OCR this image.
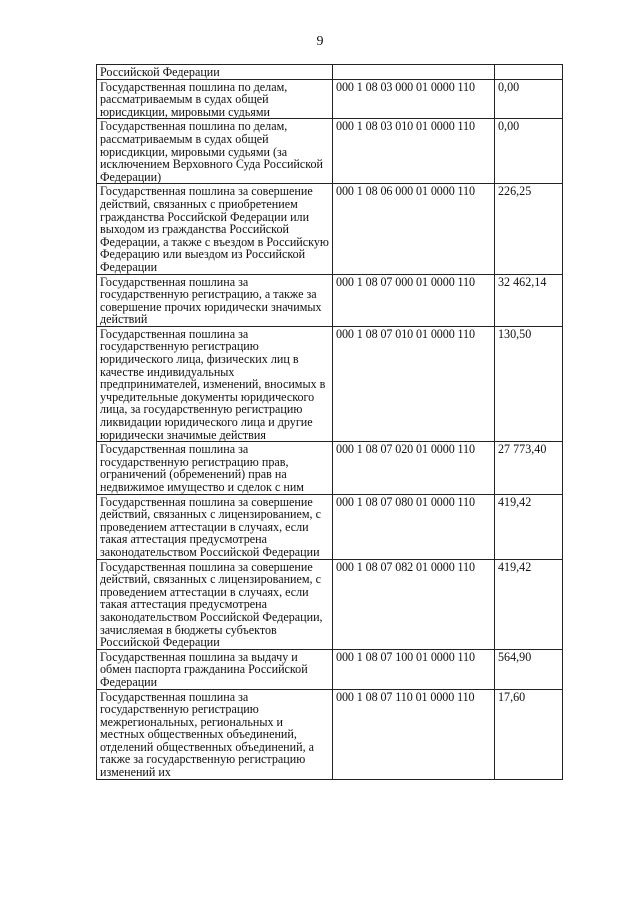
9
Российской Федерации		
Государственная пошлина по делам, рассматриваемым в судах общей юрисдикции, мировыми судьями	000 1 08 03 000 01 0000 110	0,00
Государственная пошлина по делам, рассматриваемым в судах общей юрисдикции, мировыми судьями (за исключением Верховного Суда Российской Федерации)	000 1 08 03 010 01 0000 110	0,00
Государственная пошлина за совершение действий, связанных с приобретением гражданства Российской Федерации или выходом из гражданства Российской Федерации, а также с въездом в Российскую Федерацию или выездом из Российской Федерации	000 1 08 06 000 01 0000 110	226,25
Государственная пошлина за государственную регистрацию, а также за совершение прочих юридически значимых действий	000 1 08 07 000 01 0000 110	32 462,14
Государственная пошлина за государственную регистрацию юридического лица, физических лиц в качестве индивидуальных предпринимателей, изменений, вносимых в учредительные документы юридического лица, за государственную регистрацию ликвидации юридического лица и другие юридически значимые действия	000 1 08 07 010 01 0000 110	130,50
Государственная пошлина за государственную регистрацию прав, ограничений (обременений) прав на недвижимое имущество и сделок с ним	000 1 08 07 020 01 0000 110	27 773,40
Государственная пошлина за совершение действий, связанных с лицензированием, с проведением аттестации в случаях, если такая аттестация предусмотрена законодательством Российской Федерации	000 1 08 07 080 01 0000 110	419,42
Государственная пошлина за совершение действий, связанных с лицензированием, с проведением аттестации в случаях, если такая аттестация предусмотрена законодательством Российской Федерации, зачисляемая в бюджеты субъектов Российской Федерации	000 1 08 07 082 01 0000 110	419,42
Государственная пошлина за выдачу и обмен паспорта гражданина Российской Федерации	000 1 08 07 100 01 0000 110	564,90
Государственная пошлина за государственную регистрацию межрегиональных, региональных и местных общественных объединений, отделений общественных объединений, а также за государственную регистрацию изменений их	000 1 08 07 110 01 0000 110	17,60
